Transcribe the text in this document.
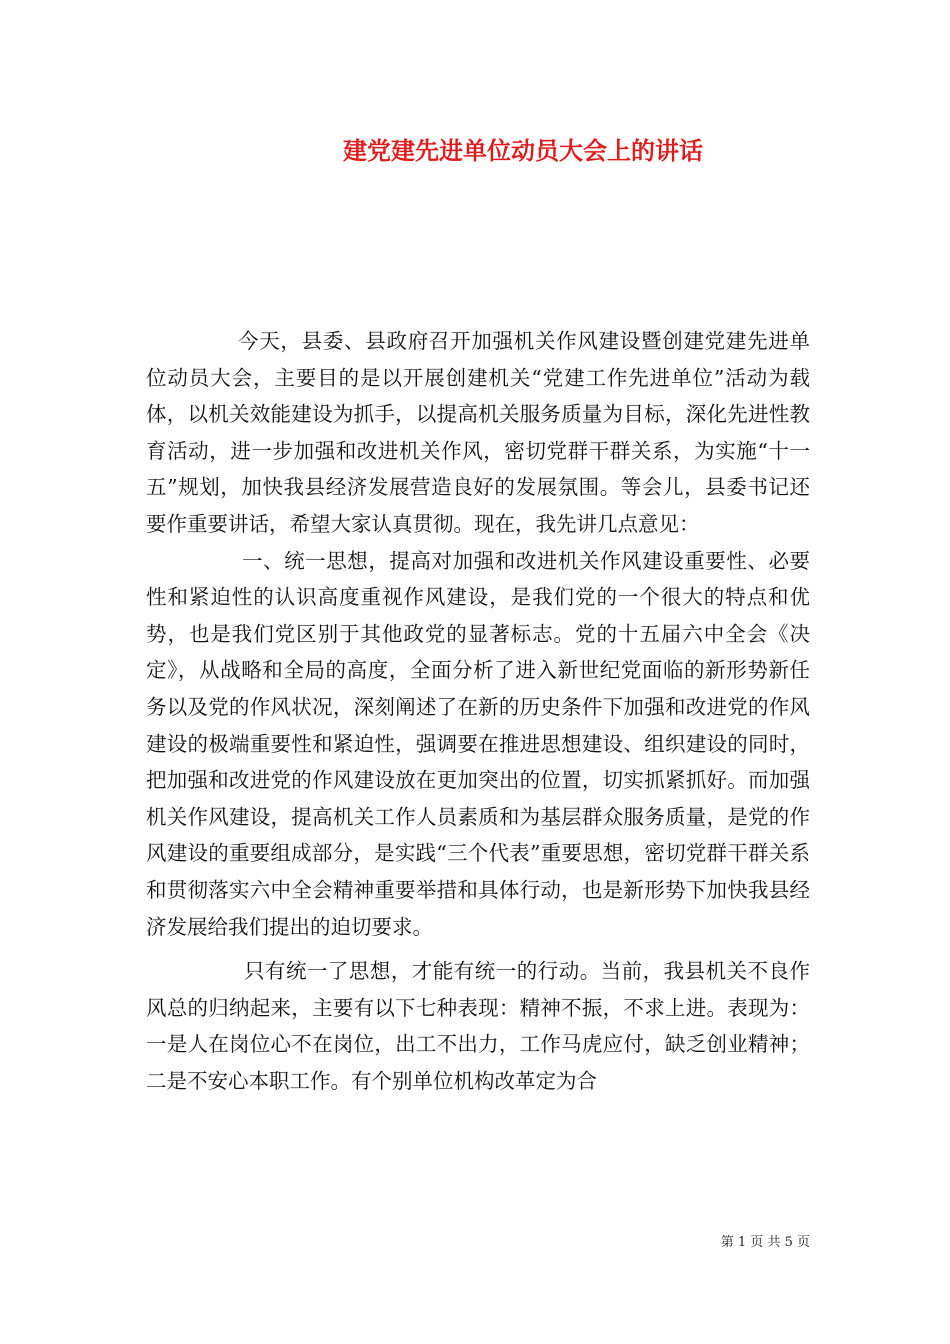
建党建先进单位动员大会上的讲话

今天，县委、县政府召开加强机关作风建设暨创建党建先进单位动员大会，主要目的是以开展创建机关“党建工作先进单位”活动为载体，以机关效能建设为抓手，以提高机关服务质量为目标，深化先进性教育活动，进一步加强和改进机关作风，密切党群干群关系，为实施“十一五”规划，加快我县经济发展营造良好的发展氛围。等会儿，县委书记还要作重要讲话，希望大家认真贯彻。现在，我先讲几点意见：

一、统一思想，提高对加强和改进机关作风建设重要性、必要性和紧迫性的认识高度重视作风建设，是我们党的一个很大的特点和优势，也是我们党区别于其他政党的显著标志。党的十五届六中全会《决定》，从战略和全局的高度，全面分析了进入新世纪党面临的新形势新任务以及党的作风状况，深刻阐述了在新的历史条件下加强和改进党的作风建设的极端重要性和紧迫性，强调要在推进思想建设、组织建设的同时，把加强和改进党的作风建设放在更加突出的位置，切实抓紧抓好。而加强机关作风建设，提高机关工作人员素质和为基层群众服务质量，是党的作风建设的重要组成部分，是实践“三个代表”重要思想，密切党群干群关系和贯彻落实六中全会精神重要举措和具体行动，也是新形势下加快我县经济发展给我们提出的迫切要求。

只有统一了思想，才能有统一的行动。当前，我县机关不良作风总的归纳起来，主要有以下七种表现：精神不振，不求上进。表现为：一是人在岗位心不在岗位，出工不出力，工作马虎应付，缺乏创业精神；二是不安心本职工作。有个别单位机构改革定为合

第 1 页 共 5 页
